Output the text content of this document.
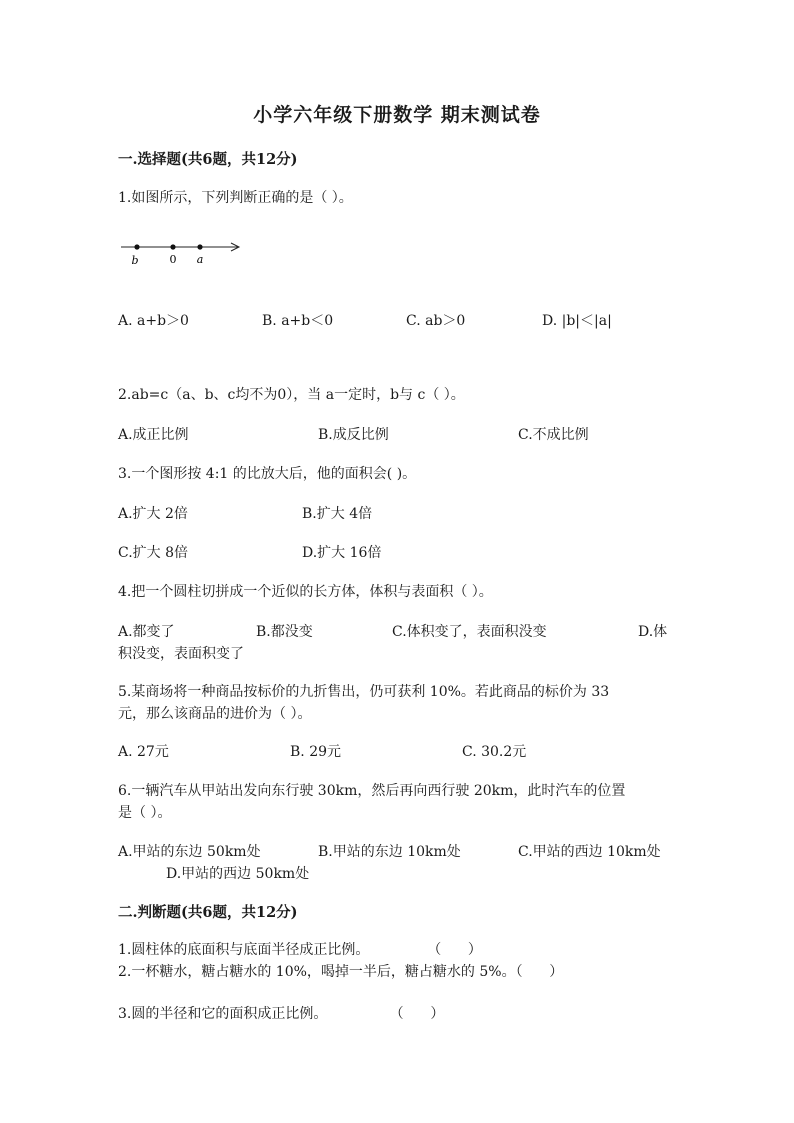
小学六年级下册数学 期末测试卷
一.选择题(共6题，共12分)
1.如图所示，下列判断正确的是（ ）。
b	0 a
A. a+b＞0	B. a+b＜0	C. ab＞0	D. |b|＜|a|
2.ab=c（a、b、c均不为0），当 a一定时，b与 c（ ）。
A.成正比例	B.成反比例	C.不成比例
3.一个图形按 4:1 的比放大后，他的面积会( )。
A.扩大 2倍	B.扩大 4倍
C.扩大 8倍	D.扩大 16倍
4.把一个圆柱切拼成一个近似的长方体，体积与表面积（ ）。
A.都变了	B.都没变	C.体积变了，表面积没变	D.体
积没变，表面积变了
5.某商场将一种商品按标价的九折售出，仍可获利 10%。若此商品的标价为 33
元，那么该商品的进价为（ ）。
A. 27元	B. 29元	C. 30.2元
6.一辆汽车从甲站出发向东行驶 30km，然后再向西行驶 20km，此时汽车的位置
是（ ）。
A.甲站的东边 50km处	B.甲站的东边 10km处	C.甲站的西边 10km处
D.甲站的西边 50km处
二.判断题(共6题，共12分)
1.圆柱体的底面积与底面半径成正比例。             （      ）
2.一杯糖水，糖占糖水的 10%，喝掉一半后，糖占糖水的 5%。（      ）
3.圆的半径和它的面积成正比例。              （      ）
